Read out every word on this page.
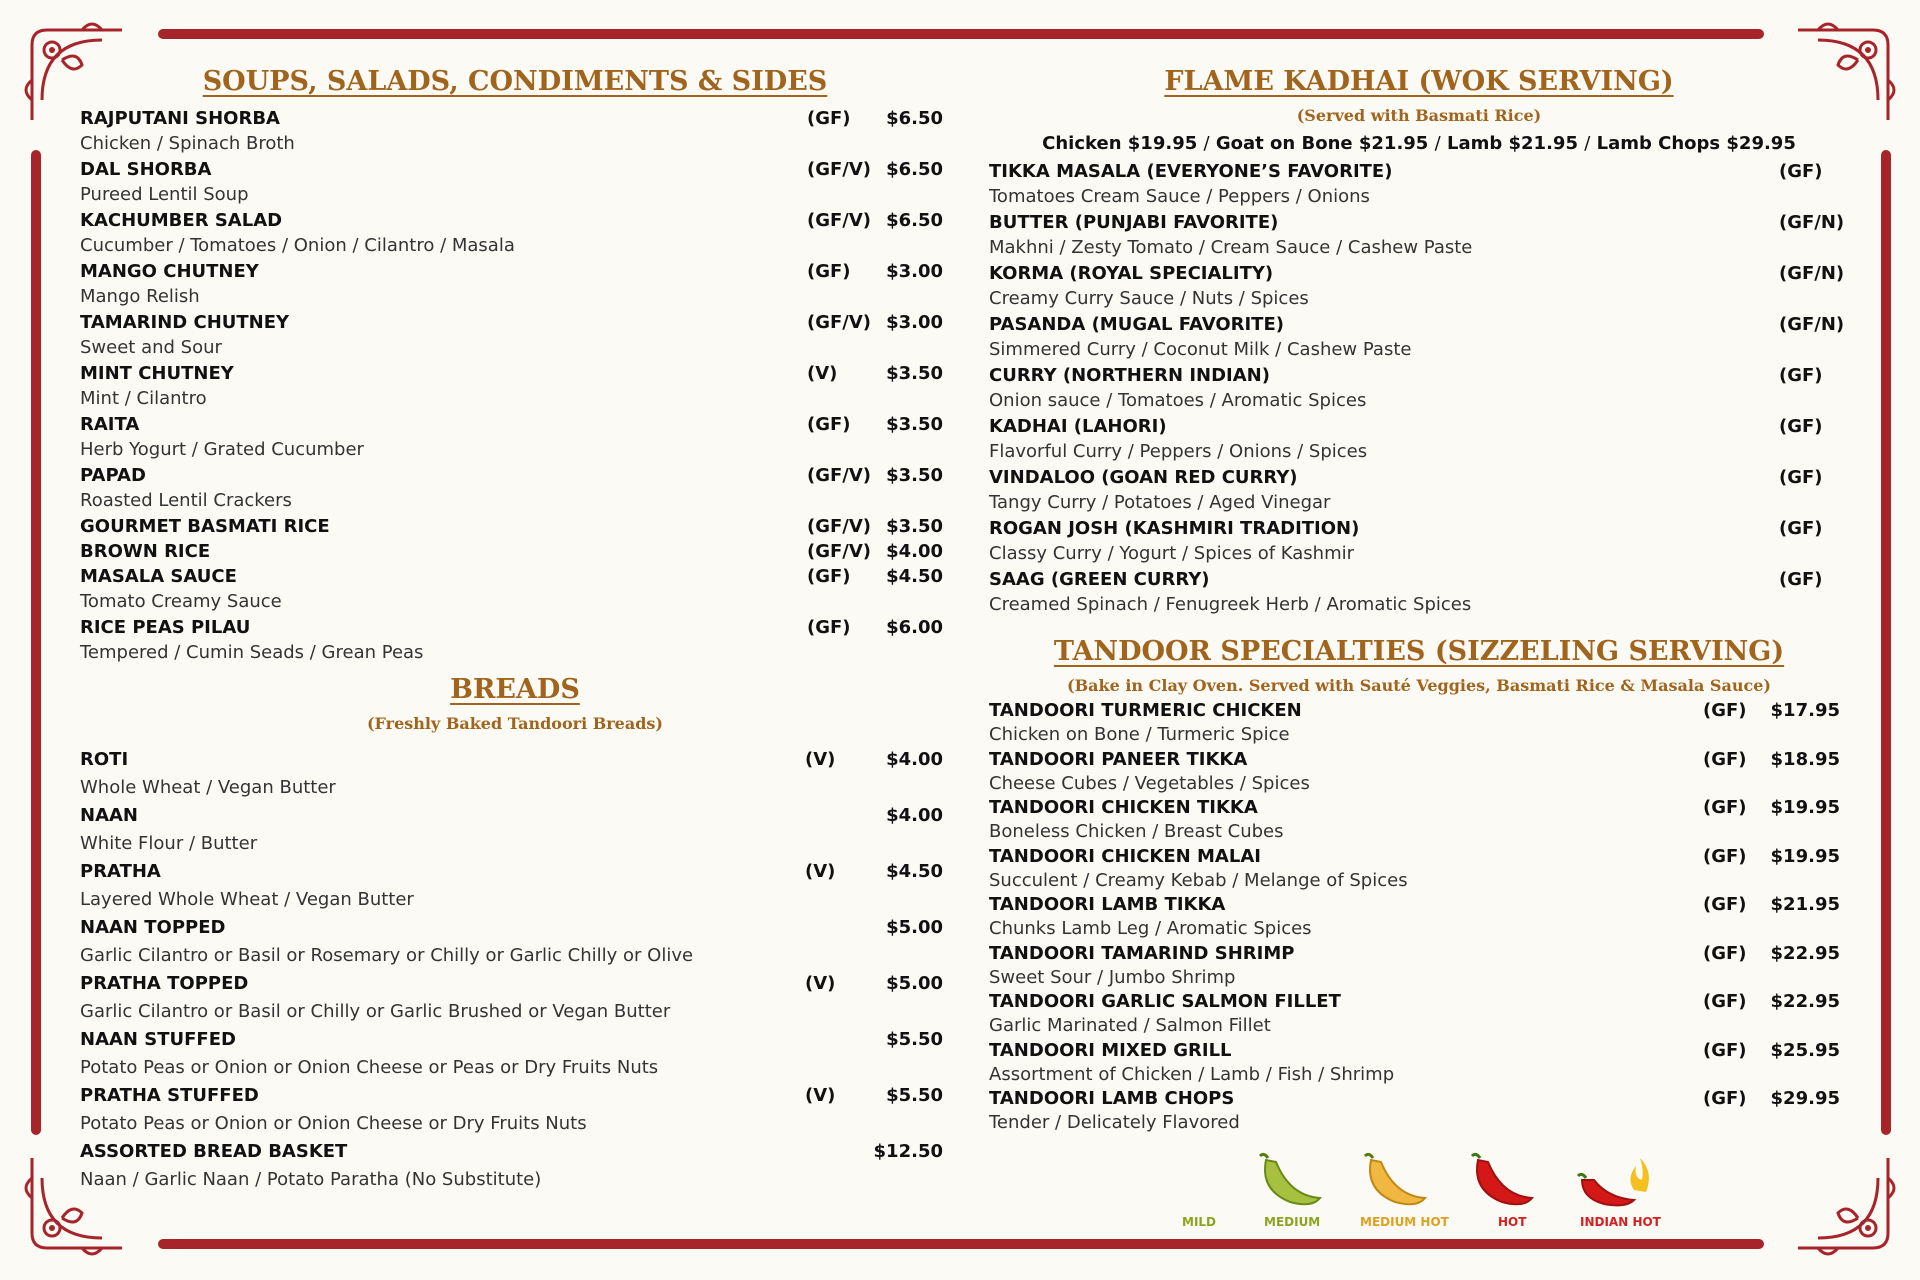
SOUPS, SALADS, CONDIMENTS & SIDES
RAJPUTANI SHORBA	(GF)	$6.50
Chicken / Spinach Broth
DAL SHORBA	(GF/V) $6.50
Pureed Lentil Soup
KACHUMBER SALAD	(GF/V) $6.50
Cucumber / Tomatoes / Onion / Cilantro / Masala
MANGO CHUTNEY	(GF)	$3.00
Mango Relish
TAMARIND CHUTNEY	(GF/V) $3.00
Sweet and Sour
MINT CHUTNEY	(V)	$3.50
Mint / Cilantro
RAITA	(GF)	$3.50
Herb Yogurt / Grated Cucumber
PAPAD	(GF/V) $3.50
Roasted Lentil Crackers
GOURMET BASMATI RICE	(GF/V) $3.50
BROWN RICE	(GF/V) $4.00
MASALA SAUCE	(GF)	$4.50
Tomato Creamy Sauce
RICE PEAS PILAU	(GF)	$6.00
Tempered / Cumin Seads / Grean Peas
BREADS
(Freshly Baked Tandoori Breads)
ROTI	(V)	$4.00
Whole Wheat / Vegan Butter
NAAN	$4.00
White Flour / Butter
PRATHA	(V)	$4.50
Layered Whole Wheat / Vegan Butter
NAAN TOPPED	$5.00
Garlic Cilantro or Basil or Rosemary or Chilly or Garlic Chilly or Olive
PRATHA TOPPED	(V)	$5.00
Garlic Cilantro or Basil or Chilly or Garlic Brushed or Vegan Butter
NAAN STUFFED	$5.50
Potato Peas or Onion or Onion Cheese or Peas or Dry Fruits Nuts
PRATHA STUFFED	(V)	$5.50
Potato Peas or Onion or Onion Cheese or Dry Fruits Nuts
ASSORTED BREAD BASKET	$12.50
Naan / Garlic Naan / Potato Paratha (No Substitute)
FLAME KADHAI (WOK SERVING)
(Served with Basmati Rice)
Chicken $19.95 / Goat on Bone $21.95 / Lamb $21.95 / Lamb Chops $29.95
TIKKA MASALA (EVERYONE’S FAVORITE)	(GF)
Tomatoes Cream Sauce / Peppers / Onions
BUTTER (PUNJABI FAVORITE)	(GF/N)
Makhni / Zesty Tomato / Cream Sauce / Cashew Paste
KORMA (ROYAL SPECIALITY)	(GF/N)
Creamy Curry Sauce / Nuts / Spices
PASANDA (MUGAL FAVORITE)	(GF/N)
Simmered Curry / Coconut Milk / Cashew Paste
CURRY (NORTHERN INDIAN)	(GF)
Onion sauce / Tomatoes / Aromatic Spices
KADHAI (LAHORI)	(GF)
Flavorful Curry / Peppers / Onions / Spices
VINDALOO (GOAN RED CURRY)	(GF)
Tangy Curry / Potatoes / Aged Vinegar
ROGAN JOSH (KASHMIRI TRADITION)	(GF)
Classy Curry / Yogurt / Spices of Kashmir
SAAG (GREEN CURRY)	(GF)
Creamed Spinach / Fenugreek Herb / Aromatic Spices
TANDOOR SPECIALTIES (SIZZELING SERVING)
(Bake in Clay Oven. Served with Sauté Veggies, Basmati Rice & Masala Sauce)
TANDOORI TURMERIC CHICKEN	(GF)	$17.95
Chicken on Bone / Turmeric Spice
TANDOORI PANEER TIKKA	(GF)	$18.95
Cheese Cubes / Vegetables / Spices
TANDOORI CHICKEN TIKKA	(GF)	$19.95
Boneless Chicken / Breast Cubes
TANDOORI CHICKEN MALAI	(GF)	$19.95
Succulent / Creamy Kebab / Melange of Spices
TANDOORI LAMB TIKKA	(GF)	$21.95
Chunks Lamb Leg / Aromatic Spices
TANDOORI TAMARIND SHRIMP	(GF)	$22.95
Sweet Sour / Jumbo Shrimp
TANDOORI GARLIC SALMON FILLET	(GF)	$22.95
Garlic Marinated / Salmon Fillet
TANDOORI MIXED GRILL	(GF)	$25.95
Assortment of Chicken / Lamb / Fish / Shrimp
TANDOORI LAMB CHOPS	(GF)	$29.95
Tender / Delicately Flavored
MILD	MEDIUM	MEDIUM HOT	HOT	INDIAN HOT
